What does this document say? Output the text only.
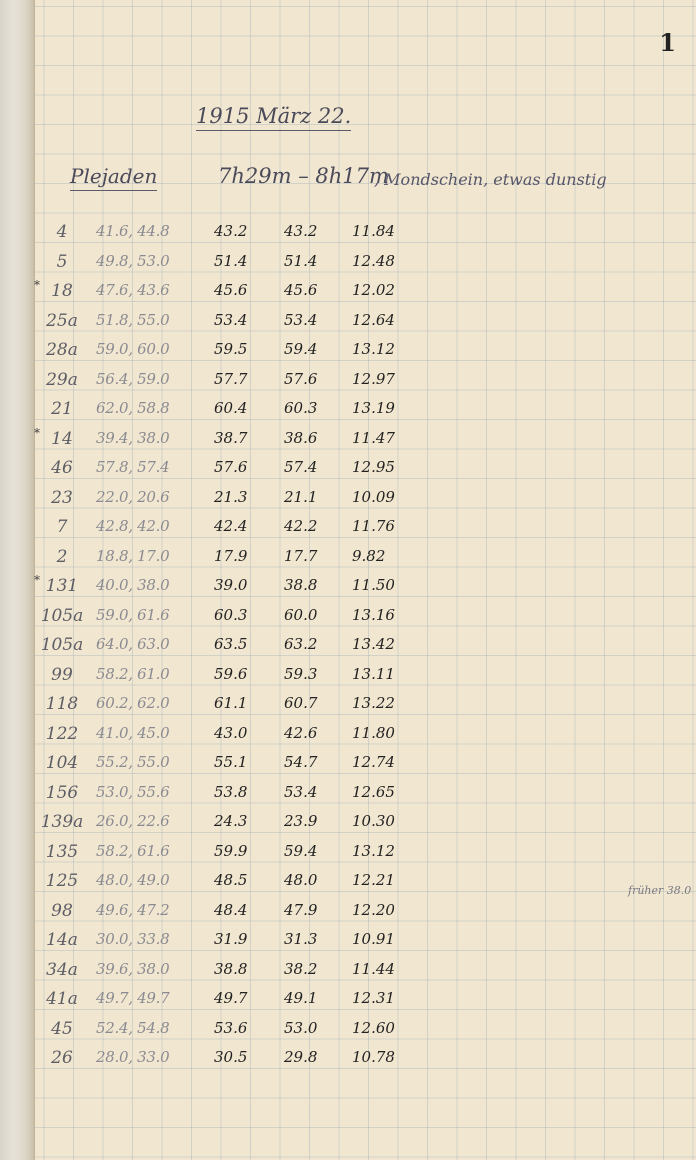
1
1915 März 22.
Plejaden	7h29m – 8h17m
, Mondschein, etwas dunstig
4	41.6, 44.8	43.2 43.2 11.84
5	49.8, 53.0	51.4 51.4 12.48
* 18	47.6, 43.6	45.6 45.6 12.02
25a	51.8, 55.0	53.4 53.4 12.64
28a	59.0, 60.0	59.5 59.4 13.12
29a	56.4, 59.0	57.7 57.6 12.97
21	62.0, 58.8	60.4 60.3 13.19
* 14	39.4, 38.0	38.7 38.6 11.47
46	57.8, 57.4	57.6 57.4 12.95
23	22.0, 20.6	21.3 21.1 10.09
7	42.8, 42.0	42.4 42.2 11.76
2	18.8, 17.0	17.9 17.7 9.82
* 131	40.0, 38.0	39.0 38.8 11.50
105a 59.0, 61.6	60.3 60.0 13.16
105a 64.0, 63.0	63.5 63.2 13.42
99	58.2, 61.0	59.6 59.3 13.11
118	60.2, 62.0	61.1 60.7 13.22
122	41.0, 45.0	43.0 42.6 11.80
104	55.2, 55.0	55.1 54.7 12.74
156	53.0, 55.6	53.8 53.4 12.65
139a 26.0, 22.6	24.3 23.9 10.30
135	58.2, 61.6	59.9 59.4 13.12
125	48.0, 49.0	48.5 48.0 12.21
98	49.6, 47.2	48.4 47.9 12.20
14a	30.0, 33.8	31.9 31.3 10.91
34a	39.6, 38.0	38.8 38.2 11.44
41a	49.7, 49.7	49.7 49.1 12.31
45	52.4, 54.8	53.6 53.0 12.60
26	28.0, 33.0	30.5 29.8 10.78
früher 38.0
